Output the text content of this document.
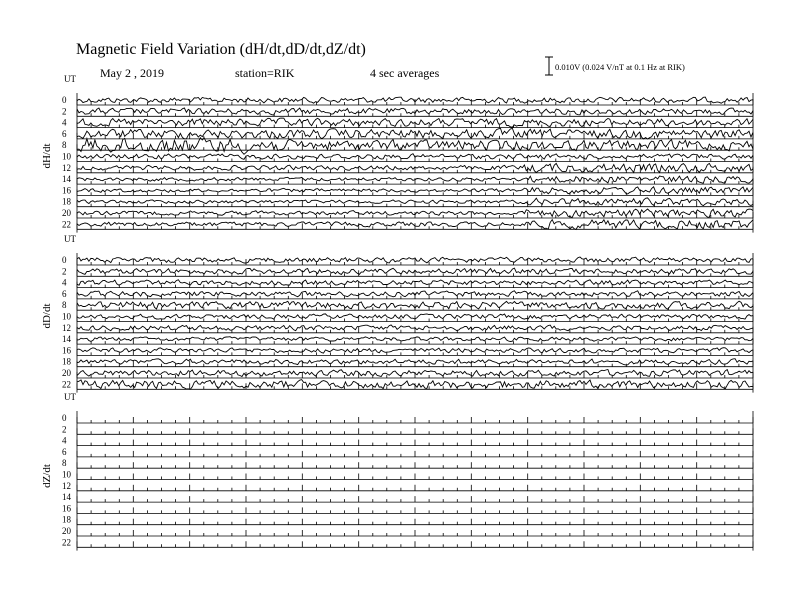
Magnetic Field Variation (dH/dt,dD/dt,dZ/dt)
May 2 , 2019	station=RIK	4 sec averages	0.010V (0.024 V/nT at 0.1 Hz at RIK)
UT
dH/dt
0
2
4
6
8
10
12
14
16
18
20
22
UT
dD/dt
0
2
4
6
8
10
12
14
16
18
20
22
UT
dZ/dt
0
2
4
6
8
10
12
14
16
18
20
22
